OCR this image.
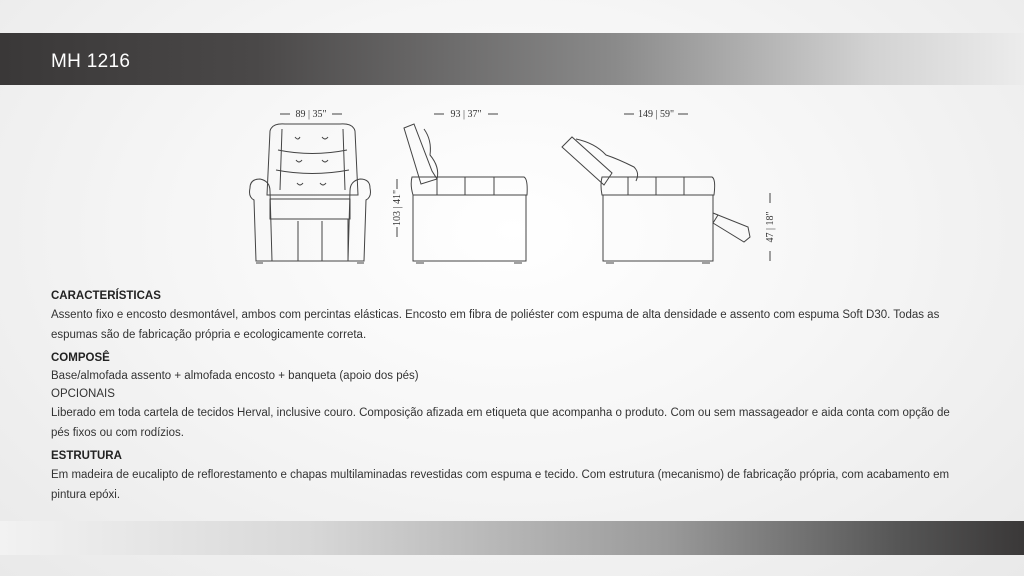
MH 1216
89 | 35"	93 | 37"	149 | 59"
103 | 41"
47 | 18"

CARACTERÍSTICAS

Assento fixo e encosto desmontável, ambos com percintas elásticas. Encosto em fibra de poliéster com espuma de alta densidade e assento com espuma Soft D30. Todas as espumas são de fabricação própria e ecologicamente correta.

COMPOSÊ

Base/almofada assento + almofada encosto + banqueta (apoio dos pés)

OPCIONAIS

Liberado em toda cartela de tecidos Herval, inclusive couro. Composição afizada em etiqueta que acompanha o produto. Com ou sem massageador e aida conta com opção de pés fixos ou com rodízios.

ESTRUTURA

Em madeira de eucalipto de reflorestamento e chapas multilaminadas revestidas com espuma e tecido. Com estrutura (mecanismo) de fabricação própria, com acabamento em pintura epóxi.
